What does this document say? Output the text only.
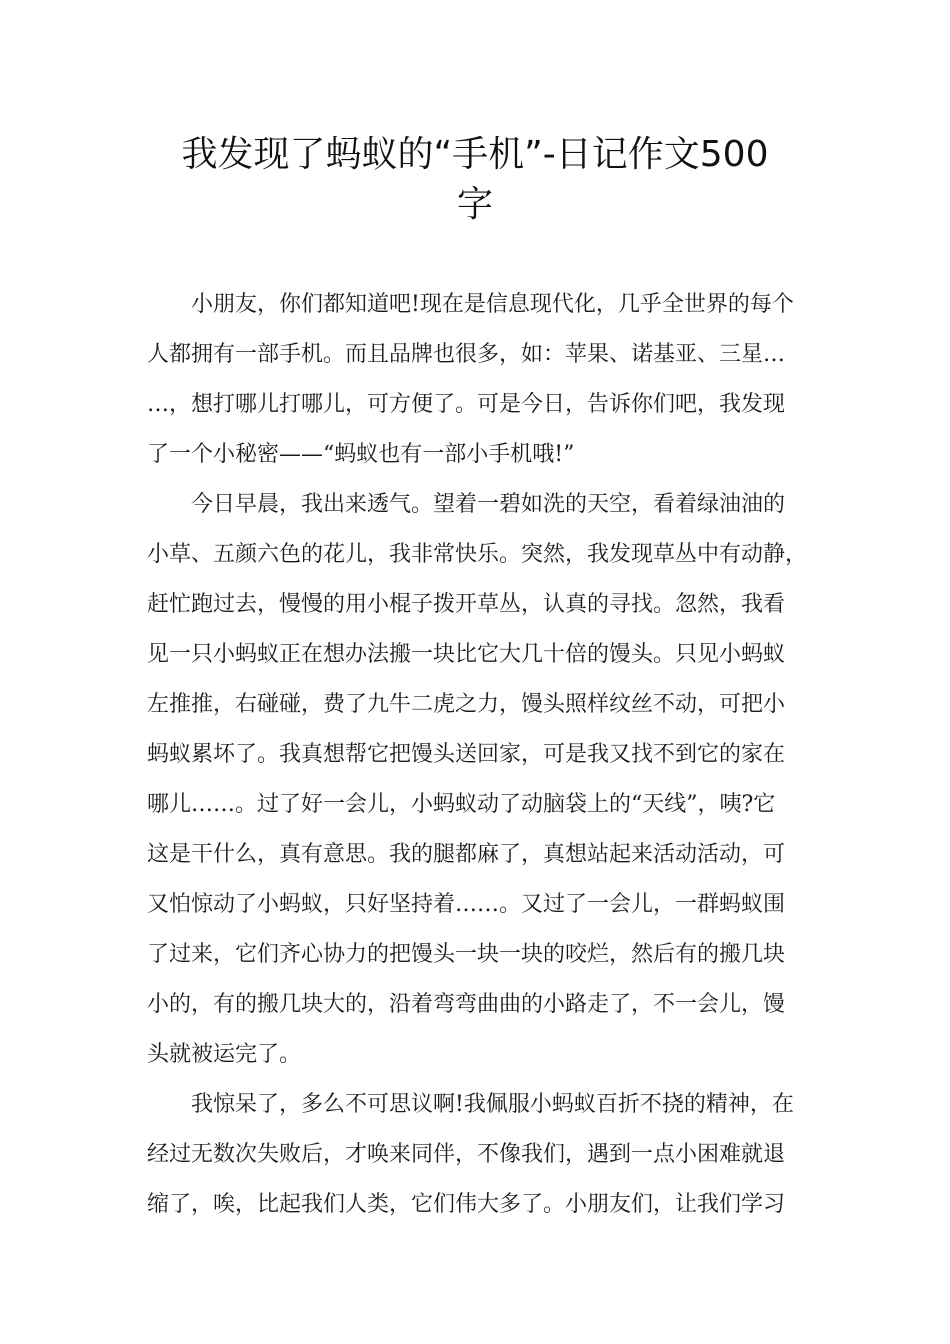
我发现了蚂蚁的“手机”-日记作文500
字
小朋友，你们都知道吧!现在是信息现代化，几乎全世界的每个
人都拥有一部手机。而且品牌也很多，如：苹果、诺基亚、三星…
…，想打哪儿打哪儿，可方便了。可是今日，告诉你们吧，我发现
了一个小秘密——“蚂蚁也有一部小手机哦!”
今日早晨，我出来透气。望着一碧如洗的天空，看着绿油油的
小草、五颜六色的花儿，我非常快乐。突然，我发现草丛中有动静，
赶忙跑过去，慢慢的用小棍子拨开草丛，认真的寻找。忽然，我看
见一只小蚂蚁正在想办法搬一块比它大几十倍的馒头。只见小蚂蚁
左推推，右碰碰，费了九牛二虎之力，馒头照样纹丝不动，可把小
蚂蚁累坏了。我真想帮它把馒头送回家，可是我又找不到它的家在
哪儿……。过了好一会儿，小蚂蚁动了动脑袋上的“天线”，咦?它
这是干什么，真有意思。我的腿都麻了，真想站起来活动活动，可
又怕惊动了小蚂蚁，只好坚持着……。又过了一会儿，一群蚂蚁围
了过来，它们齐心协力的把馒头一块一块的咬烂，然后有的搬几块
小的，有的搬几块大的，沿着弯弯曲曲的小路走了，不一会儿，馒
头就被运完了。
我惊呆了，多么不可思议啊!我佩服小蚂蚁百折不挠的精神，在
经过无数次失败后，才唤来同伴，不像我们，遇到一点小困难就退
缩了，唉，比起我们人类，它们伟大多了。小朋友们，让我们学习
